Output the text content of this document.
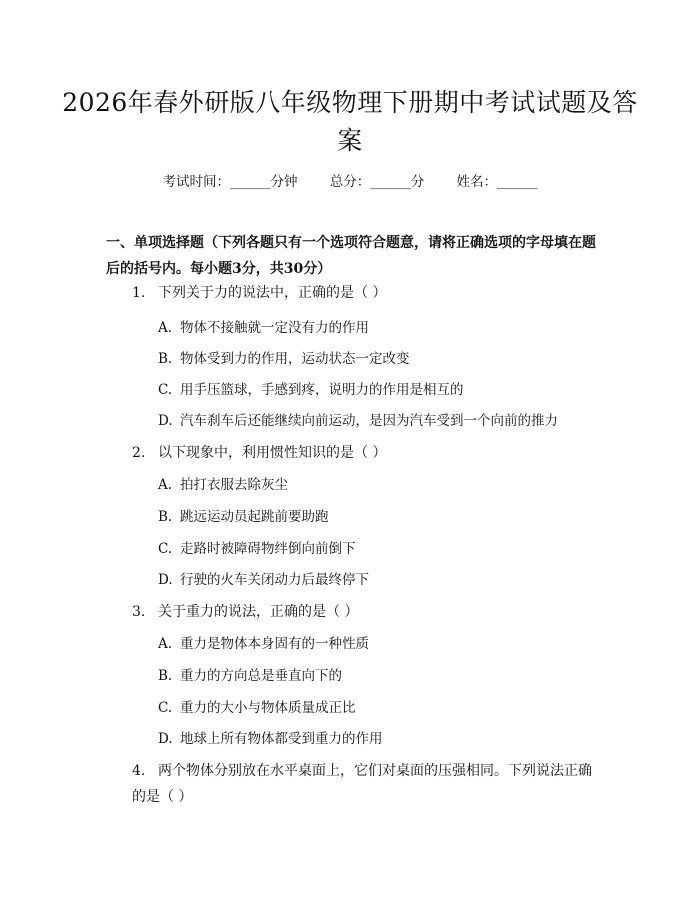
2026年春外研版八年级物理下册期中考试试题及答案
考试时间：______分钟 总分：______分 姓名：______
一、单项选择题（下列各题只有一个选项符合题意，请将正确选项的字母填在题后的括号内。每小题3分，共30分）
1. 下列关于力的说法中，正确的是（ ）
A. 物体不接触就一定没有力的作用
B. 物体受到力的作用，运动状态一定改变
C. 用手压篮球，手感到疼，说明力的作用是相互的
D. 汽车刹车后还能继续向前运动，是因为汽车受到一个向前的推力
2. 以下现象中，利用惯性知识的是（ ）
A. 拍打衣服去除灰尘
B. 跳远运动员起跳前要助跑
C. 走路时被障碍物绊倒向前倒下
D. 行驶的火车关闭动力后最终停下
3. 关于重力的说法，正确的是（ ）
A. 重力是物体本身固有的一种性质
B. 重力的方向总是垂直向下的
C. 重力的大小与物体质量成正比
D. 地球上所有物体都受到重力的作用
4. 两个物体分别放在水平桌面上，它们对桌面的压强相同。下列说法正确的是（ ）
